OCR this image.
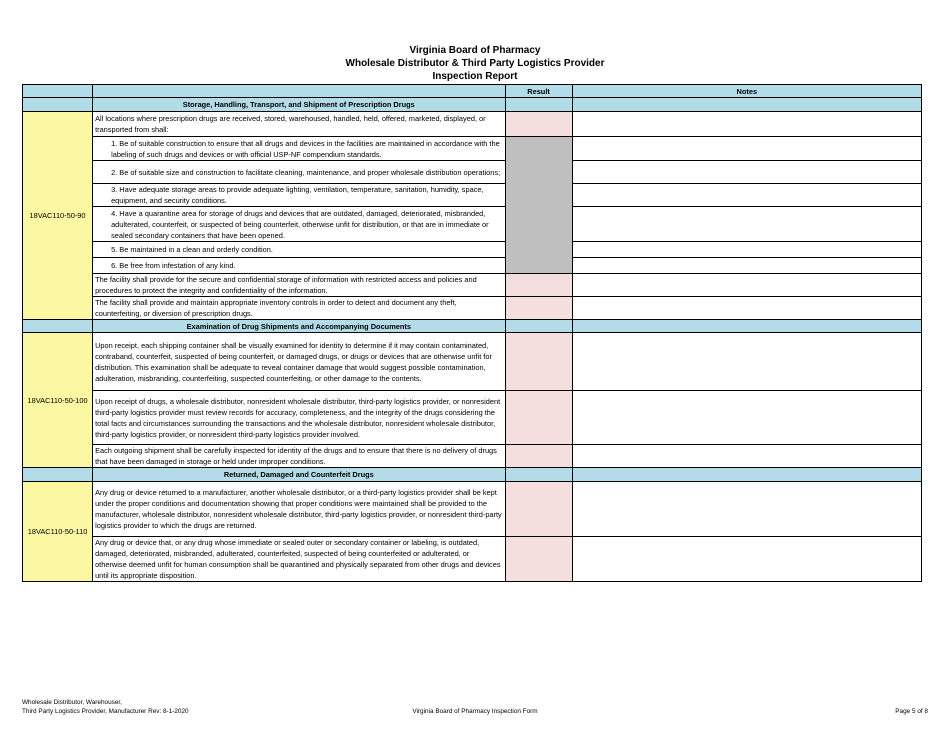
Virginia Board of Pharmacy
Wholesale Distributor & Third Party Logistics Provider
Inspection Report
		Result	Notes
	Storage, Handling, Transport, and Shipment of Prescription Drugs		
18VAC110-50-90	All locations where prescription drugs are received, stored, warehoused, handled, held, offered, marketed, displayed, or transported from shall:		
	1. Be of suitable construction to ensure that all drugs and devices in the facilities are maintained in accordance with the labeling of such drugs and devices or with official USP-NF compendium standards.		
	2. Be of suitable size and construction to facilitate cleaning, maintenance, and proper wholesale distribution operations;		
	3. Have adequate storage areas to provide adequate lighting, ventilation, temperature, sanitation, humidity, space, equipment, and security conditions.		
	4. Have a quarantine area for storage of drugs and devices that are outdated, damaged, deteriorated, misbranded, adulterated, counterfeit, or suspected of being counterfeit, otherwise unfit for distribution, or that are in immediate or sealed secondary containers that have been opened.		
	5. Be maintained in a clean and orderly condition.		
	6. Be free from infestation of any kind.		
	The facility shall provide for the secure and confidential storage of information with restricted access and policies and procedures to protect the integrity and confidentiality of the information.		
	The facility shall provide and maintain appropriate inventory controls in order to detect and document any theft, counterfeiting, or diversion of prescription drugs.		
	Examination of Drug Shipments and Accompanying Documents		
18VAC110-50-100	Upon receipt, each shipping container shall be visually examined for identity to determine if it may contain contaminated, contraband, counterfeit, suspected of being counterfeit, or damaged drugs, or drugs or devices that are otherwise unfit for distribution. This examination shall be adequate to reveal container damage that would suggest possible contamination, adulteration, misbranding, counterfeiting, suspected counterfeiting, or other damage to the contents.		
	Upon receipt of drugs, a wholesale distributor, nonresident wholesale distributor, third-party logistics provider, or nonresident third-party logistics provider must review records for accuracy, completeness, and the integrity of the drugs considering the total facts and circumstances surrounding the transactions and the wholesale distributor, nonresident wholesale distributor, third-party logistics provider, or nonresident third-party logistics provider involved.		
	Each outgoing shipment shall be carefully inspected for identity of the drugs and to ensure that there is no delivery of drugs that have been damaged in storage or held under improper conditions.		
	Returned, Damaged and Counterfeit Drugs		
18VAC110-50-110	Any drug or device returned to a manufacturer, another wholesale distributor, or a third-party logistics provider shall be kept under the proper conditions and documentation showing that proper conditions were maintained shall be provided to the manufacturer, wholesale distributor, nonresident wholesale distributor, third-party logistics provider, or nonresident third-party logistics provider to which the drugs are returned.		
	Any drug or device that, or any drug whose immediate or sealed outer or secondary container or labeling, is outdated, damaged, deteriorated, misbranded, adulterated, counterfeited, suspected of being counterfeited or adulterated, or otherwise deemed unfit for human consumption shall be quarantined and physically separated from other drugs and devices until its appropriate disposition.		
Wholesale Distributor, Warehouser,
Third Party Logistics Provider, Manufacturer Rev: 8-1-2020	Virginia Board of Pharmacy Inspection Form	Page 5 of 8
